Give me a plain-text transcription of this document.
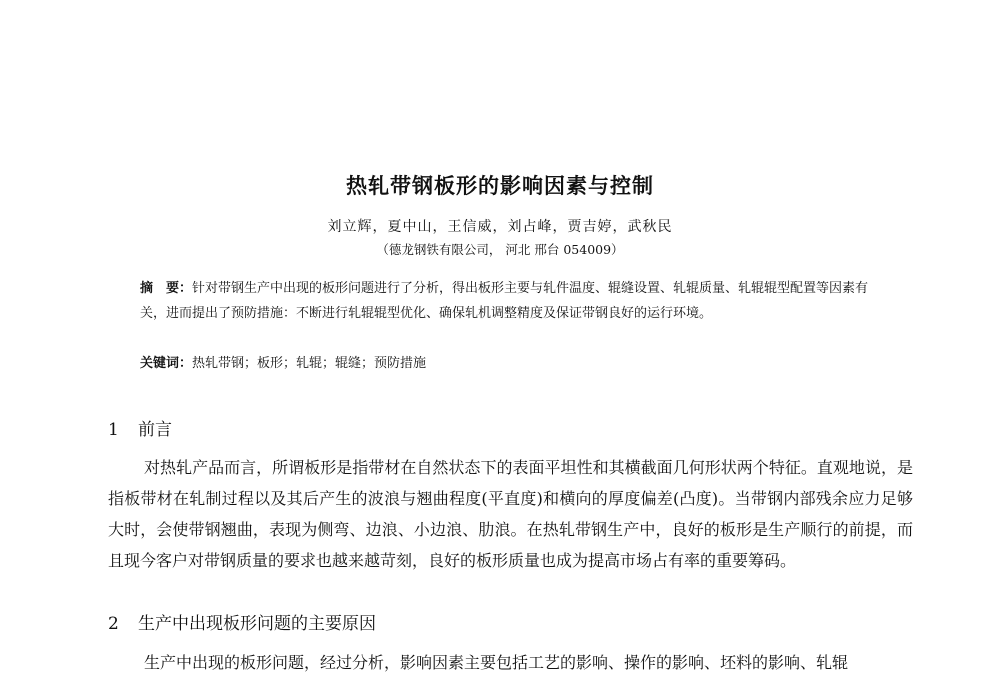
热轧带钢板形的影响因素与控制
刘立辉，夏中山，王信威，刘占峰，贾吉婷，武秋民
（德龙钢铁有限公司， 河北 邢台 054009）
摘　要：针对带钢生产中出现的板形问题进行了分析，得出板形主要与轧件温度、辊缝设置、轧辊质量、轧辊辊型配置等因素有关，进而提出了预防措施：不断进行轧辊辊型优化、确保轧机调整精度及保证带钢良好的运行环境。
关键词：热轧带钢；板形；轧辊；辊缝；预防措施
1 前言
对热轧产品而言，所谓板形是指带材在自然状态下的表面平坦性和其横截面几何形状两个特征。直观地说，是指板带材在轧制过程以及其后产生的波浪与翘曲程度(平直度)和横向的厚度偏差(凸度)。当带钢内部残余应力足够大时，会使带钢翘曲，表现为侧弯、边浪、小边浪、肋浪。在热轧带钢生产中，良好的板形是生产顺行的前提，而且现今客户对带钢质量的要求也越来越苛刻，良好的板形质量也成为提高市场占有率的重要筹码。
2 生产中出现板形问题的主要原因
生产中出现的板形问题，经过分析，影响因素主要包括工艺的影响、操作的影响、坯料的影响、轧辊
